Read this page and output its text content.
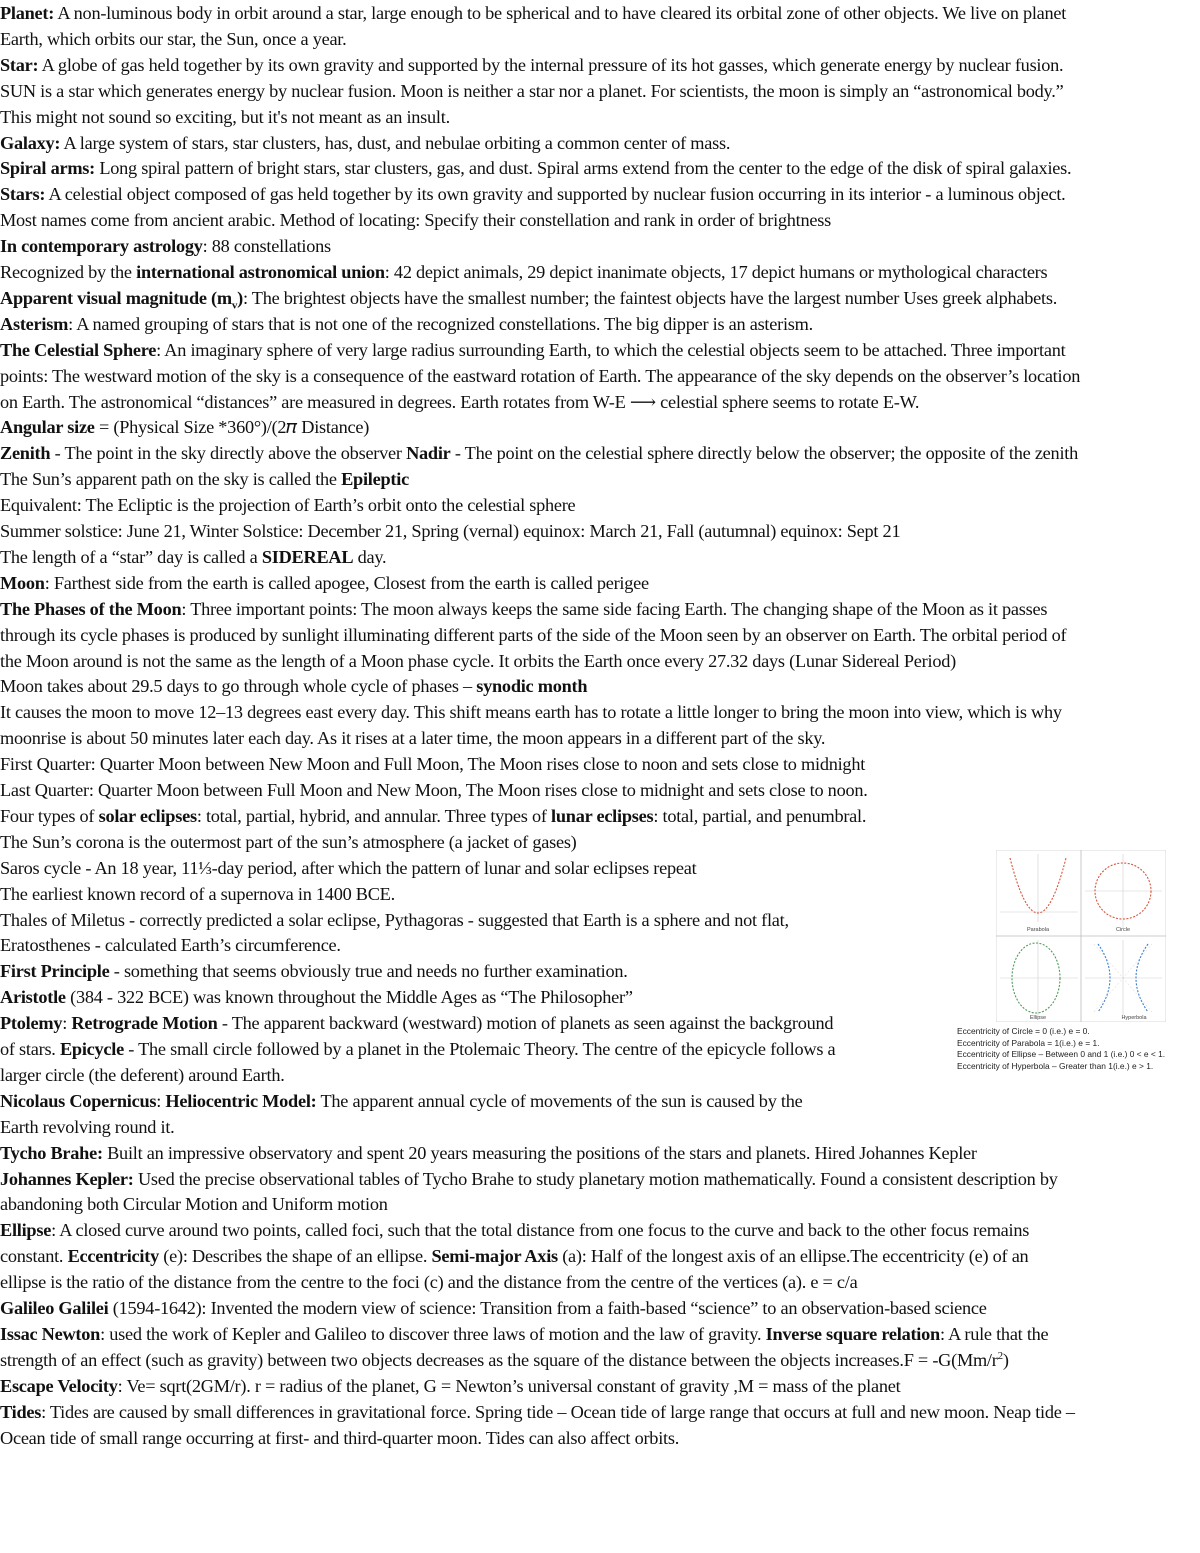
Planet: A non-luminous body in orbit around a star, large enough to be spherical and to have cleared its orbital zone of other objects. We live on planet
Earth, which orbits our star, the Sun, once a year.
Star: A globe of gas held together by its own gravity and supported by the internal pressure of its hot gasses, which generate energy by nuclear fusion.
SUN is a star which generates energy by nuclear fusion. Moon is neither a star nor a planet. For scientists, the moon is simply an “astronomical body.”
This might not sound so exciting, but it's not meant as an insult.
Galaxy: A large system of stars, star clusters, has, dust, and nebulae orbiting a common center of mass.
Spiral arms: Long spiral pattern of bright stars, star clusters, gas, and dust. Spiral arms extend from the center to the edge of the disk of spiral galaxies.
Stars: A celestial object composed of gas held together by its own gravity and supported by nuclear fusion occurring in its interior - a luminous object.
Most names come from ancient arabic. Method of locating: Specify their constellation and rank in order of brightness
In contemporary astrology: 88 constellations
Recognized by the international astronomical union: 42 depict animals, 29 depict inanimate objects, 17 depict humans or mythological characters
Apparent visual magnitude $(m_v)$: The brightest objects have the smallest number; the faintest objects have the largest number Uses greek alphabets.
Asterism: A named grouping of stars that is not one of the recognized constellations. The big dipper is an asterism.
The Celestial Sphere: An imaginary sphere of very large radius surrounding Earth, to which the celestial objects seem to be attached. Three important
points: The westward motion of the sky is a consequence of the eastward rotation of Earth. The appearance of the sky depends on the observer’s location
on Earth. The astronomical “distances” are measured in degrees. Earth rotates from W-E ⟶ celestial sphere seems to rotate E-W.
Angular size = (Physical Size *360°)/(2𝜋 Distance)
Zenith - The point in the sky directly above the observer Nadir - The point on the celestial sphere directly below the observer; the opposite of the zenith
The Sun’s apparent path on the sky is called the Epileptic
Equivalent: The Ecliptic is the projection of Earth’s orbit onto the celestial sphere
Summer solstice: June 21, Winter Solstice: December 21, Spring (vernal) equinox: March 21, Fall (autumnal) equinox: Sept 21
The length of a “star” day is called a SIDEREAL day.
Moon: Farthest side from the earth is called apogee, Closest from the earth is called perigee
The Phases of the Moon: Three important points: The moon always keeps the same side facing Earth. The changing shape of the Moon as it passes
through its cycle phases is produced by sunlight illuminating different parts of the side of the Moon seen by an observer on Earth. The orbital period of
the Moon around is not the same as the length of a Moon phase cycle. It orbits the Earth once every 27.32 days (Lunar Sidereal Period)
Moon takes about 29.5 days to go through whole cycle of phases – synodic month
It causes the moon to move 12–13 degrees east every day. This shift means earth has to rotate a little longer to bring the moon into view, which is why
moonrise is about 50 minutes later each day. As it rises at a later time, the moon appears in a different part of the sky.
First Quarter: Quarter Moon between New Moon and Full Moon, The Moon rises close to noon and sets close to midnight
Last Quarter: Quarter Moon between Full Moon and New Moon, The Moon rises close to midnight and sets close to noon.
Four types of solar eclipses: total, partial, hybrid, and annular. Three types of lunar eclipses: total, partial, and penumbral.
The Sun’s corona is the outermost part of the sun’s atmosphere (a jacket of gases)
Saros cycle - An 18 year, 11⅓-day period, after which the pattern of lunar and solar eclipses repeat
The earliest known record of a supernova in 1400 BCE.
Thales of Miletus - correctly predicted a solar eclipse, Pythagoras - suggested that Earth is a sphere and not flat,
Eratosthenes - calculated Earth’s circumference.
First Principle - something that seems obviously true and needs no further examination.
Aristotle (384 - 322 BCE) was known throughout the Middle Ages as “The Philosopher”
Ptolemy: Retrograde Motion - The apparent backward (westward) motion of planets as seen against the background
of stars. Epicycle - The small circle followed by a planet in the Ptolemaic Theory. The centre of the epicycle follows a
larger circle (the deferent) around Earth.
Nicolaus Copernicus: Heliocentric Model: The apparent annual cycle of movements of the sun is caused by the
Earth revolving round it.
Tycho Brahe: Built an impressive observatory and spent 20 years measuring the positions of the stars and planets. Hired Johannes Kepler
Johannes Kepler: Used the precise observational tables of Tycho Brahe to study planetary motion mathematically. Found a consistent description by
abandoning both Circular Motion and Uniform motion
Ellipse: A closed curve around two points, called foci, such that the total distance from one focus to the curve and back to the other focus remains
constant. Eccentricity (e): Describes the shape of an ellipse. Semi-major Axis (a): Half of the longest axis of an ellipse.The eccentricity (e) of an
ellipse is the ratio of the distance from the centre to the foci (c) and the distance from the centre of the vertices (a). e = c/a
Galileo Galilei (1594-1642): Invented the modern view of science: Transition from a faith-based “science” to an observation-based science
Issac Newton: used the work of Kepler and Galileo to discover three laws of motion and the law of gravity. Inverse square relation: A rule that the
strength of an effect (such as gravity) between two objects decreases as the square of the distance between the objects increases.F = $-G(Mm/r^2)$
Escape Velocity: Ve= sqrt(2GM/r). r = radius of the planet, G = Newton’s universal constant of gravity ,M = mass of the planet
Tides: Tides are caused by small differences in gravitational force. Spring tide – Ocean tide of large range that occurs at full and new moon. Neap tide –
Ocean tide of small range occurring at first- and third-quarter moon. Tides can also affect orbits.
Parabola	Circle
Ellipse	Hyperbola
Eccentricity of Circle = 0 (i.e.) e = 0.
Eccentricity of Parabola = 1(i.e.) e = 1.
Eccentricity of Ellipse – Between 0 and 1 (i.e.) 0 < e < 1.
Eccentricity of Hyperbola – Greater than 1(i.e.) e > 1.
